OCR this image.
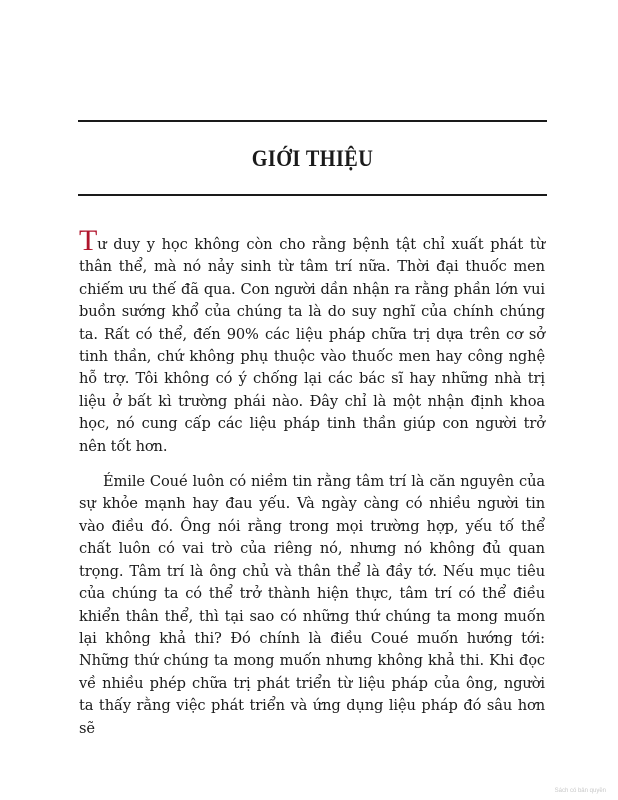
GIỚI THIỆU

Tư duy y học không còn cho rằng bệnh tật chỉ xuất phát từ thân thể, mà nó nảy sinh từ tâm trí nữa. Thời đại thuốc men chiếm ưu thế đã qua. Con người dần nhận ra rằng phần lớn vui buồn sướng khổ của chúng ta là do suy nghĩ của chính chúng ta. Rất có thể, đến 90% các liệu pháp chữa trị dựa trên cơ sở tinh thần, chứ không phụ thuộc vào thuốc men hay công nghệ hỗ trợ. Tôi không có ý chống lại các bác sĩ hay những nhà trị liệu ở bất kì trường phái nào. Đây chỉ là một nhận định khoa học, nó cung cấp các liệu pháp tinh thần giúp con người trở nên tốt hơn.

Émile Coué luôn có niềm tin rằng tâm trí là căn nguyên của sự khỏe mạnh hay đau yếu. Và ngày càng có nhiều người tin vào điều đó. Ông nói rằng trong mọi trường hợp, yếu tố thể chất luôn có vai trò của riêng nó, nhưng nó không đủ quan trọng. Tâm trí là ông chủ và thân thể là đầy tớ. Nếu mục tiêu của chúng ta có thể trở thành hiện thực, tâm trí có thể điều khiển thân thể, thì tại sao có những thứ chúng ta mong muốn lại không khả thi? Đó chính là điều Coué muốn hướng tới: Những thứ chúng ta mong muốn nhưng không khả thi. Khi đọc về nhiều phép chữa trị phát triển từ liệu pháp của ông, người ta thấy rằng việc phát triển và ứng dụng liệu pháp đó sâu hơn sẽ

Sách có bản quyền
